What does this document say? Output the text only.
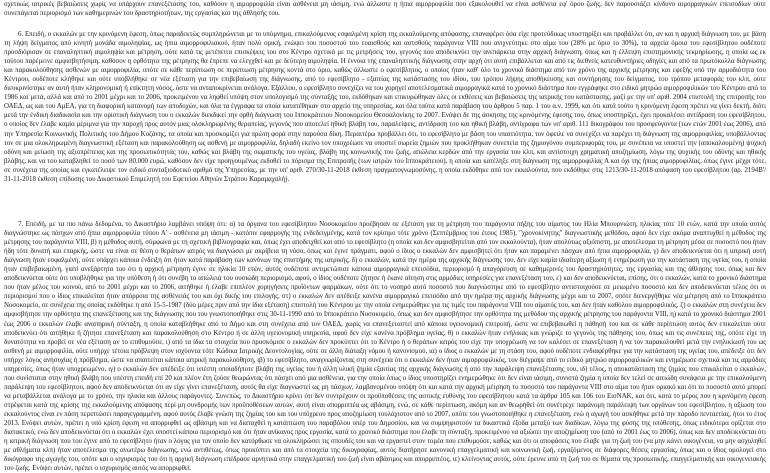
σχετικώς ιατρικές βεβαιώσεις χωρίς να υπάρχουν επανεξέτασης του, καθόσον η αιμορροφιλία είναι ασθένεια μη ιάσιμη, ενώ άλλωστε η ήπια αιμορροφιλία που εξακολουθεί να είναι ασθένεια εφ' όρου ζωής, δεν παρουσιάζει κίνδυνο αιμορραγικών επεισοδίων ούτε συνεπάγεται περιορισμό των καθημερινών του δραστηριοτήτων, της εργασίας και της άθλησής του.

6. Επειδή, ο εκκαλών με την κρινόμενη έφεση, όπως παραδεκτώς συμπληρώνεται με το υπόμνημα, επικαλούμενος εσφαλμένη κρίση της εκκαλούμενης απόφασης, επαναφέρει όσα είχε προτεύδικως υποστηρίξει και προβάλλει ότι, αν και η αρχική διάγνωση του, με βάση τη λήψη δείγματος από κινητή μονάδα αιμοληψίας, ως ήπια αιμορροφιλιακού, ήταν πολύ ορική, ενώψει του ποσοστού του ευαισθούς και αστσθούς παράγοντα VIII που ανιχνεύτηκε στο αίμα του (28% με όριο το 30%), τα αρχεία όμοια του εφεσίβλητου ουδέποτε προσδιόρισαν σε επαναληπτική αιμοληψία και μέτρηση, ούτε κατά τις μετέπειτα επισκέψεις του στο Κέντρο σχετικά με τις μετρήσεις του, γεγονός που αποδεικνύει την ανεπάρκεια στην αρχική διάγνωση, όπως και η έλλειψη επιστημονικής τεκμηρίωσης, η οποία ως εκ τούτου παρέμεινε αμφισβητήσιμη, καθόσον η ορθότητα της μέτρησης θα έπρεπε να ελεγχθεί και με δεύτερη αιμοληψία. Η έννοια της επαναληπτικής διάγνωσης στην αρχή ότι αυτή επιβάλλεται και από τις διεθνείς κατευθυντήριες οδηγίες και από τα πρωτόκολλα διάγνωσης και παρακολούθησης ασθενών με αιμορροφιλία, οπότε σε κάθε περίπτωση σε περίπτωση μέτρησης κοντά στο όριο, καθώς άλλωστε ο εφεσίβλητος, ο οποίος ήταν καθ' όλο το χρονικό διάστημα από τον χρόνο της αρχικής μέτρησης και εφεξής υπό την αρμοδιότητα του Κέντρου, ουδέποτε κλήθηκε και ούτε υποβλήθηκε σε νέα εξέταση για την επιβεβαίωση της διάγνωσης, από το εφεσίβλητο - εξαιτίας της κατάστασης του ιδίου, του τρόπου λήψης αποθήκευσης και συντήρησης του δείγματος, του τρόπου μεταφοράς του κλπ, ούτε διευκρινίστηκε αν αυτή ήταν κληρονομική ή επίκτητη νόσος, όστε να ανταποκρίνεται ανάλογα. Εξάλλου, ο εφεσίβλητο συνεχίζει να του χορηγεί αποτελεσματικά αιμορραγικά κατά το χρονικό διάστημα που εγγράφηκε στο ειδικό μητρώο αιμορροφιλικών του Κέντρου από το 1986 και μετά, αλλά και από το 2001 μέχρι και το 2006, προκειμένου να ληφθεί υπόψη στον υπολογισμό της σύνταξής του, εκδόθηκαν και επικυρώθηκαν όλες οι εκθέσεις και βεβαιώσεις της ιατρικής του κατάστασης, μαζί με την υπ' αριθ. 2004 επιστολή της επιτροπής του ΟΑΕΔ, ως και του ΑμΕΑ, για τη διαφορική κατανομή των αποδοχών, και όλα τα έγγραφα τα οποία κατατέθηκαν στο αρχείο της υπηρεσίας, και όλα ταύτα κατά παράβαση του άρθρου 5 παρ. 1 του α.ν. 1999, και ότι κατά τούτο η κρινόμενη έφεση πρέπει να γίνει δεκτή, διότι μετά την ένδικη διαδικασία και την οριστική διάγνωση του ο εκκαλών διεκδικεί την ορθή διάγνωση του Ιπποκράτειου Νοσοκομείου Θεσσαλονίκης το 2007. Ενόψει δε της άσκησης της κρινόμενης έφεσης του, όπως υποστηρίζει, έχει προκαλέσει αντίδραση του εφεσίβλητου, ο οποίος δεν έλαβε καμία μέριμνα για την παροχή προς αυτόν μιας ολοκληρωμένης θεραπείας, γεγονός που αποτελεί ηθική βλάβη του, παραλείψεις, αντίδραση του και ηθική βλάβη, αντίγραφα των υπ' αριθ. 111 δικογράφου του προσφεύγοντα (των ετών 2001 έως 2006), από την Υπηρεσία Κοινωνικής Πολιτικής του Δήμου Κοζάνης, τα οποία και προσκομίζει για πρώτη φορά στην παρούσα δίκη. Περαιτέρω προβάλλει ότι, το εφεσίβλητο με βάση του υπαιτιότητα, τον όφειλε να συνεχίζει να παρέχει τη διάγνωση της αιμορροφιλίας, υποβάλλοντας τον σε μια ολοκληρωμένη διαγνωστική εξέταση και παρακολούθηση ως ασθενή με αιμορροφιλία, δηλαδή εκείνο τον υποχρέωσε να υποστεί σωρεία ζημιών που προκλήθηκαν συνεπεία της ζημιογόνου συμπεριφοράς του, με συνέπεια να υποστεί την (αποκαλουμένη) ψυχική οδύνη και μείωση της αξιοπρέπειας και της προσωπικότητάς του, καθώς και βλάβη της σωματικής του υγείας, βλάβη της κοινωνικής του ζωής, απώλεια κερδών από την εργασία του κλπ, και αντίστοιχη χρηματική αποζημίωση, λόγω της ψυχικής του οδύνης και ηθικής βλάβης, και να του καταβληθεί το ποσό των 80.000 ευρώ, καθόσον δεν είχε προηγουμένως εκδοθεί το πόρισμα της Επιτροπής (των ιατρών του Ιπποκράτειου), η οποία και κατέληξε στη διάγνωση της αιμορροφιλίας Α και όχι της ήπιας αιμορροφιλίας, όπως έγινε μέχρι τότε, σε συνέχεια της οποίας και εγκατέλειψε τον ειδικό συνταξιοδοτικό αριθμό της Υπηρεσίας, με την υπ' αριθ. 270/30-11-2018 έκθεση πραγματογνωμοσύνης, η οποία εκδόθηκε από τον εκκαλούντα, που εκδόθηκε στις 1213/30-11-2018 απόφαση του εφεσίβλητου (αρ. 2194Β'/ 31-11-2018 έκθεση επίδοσης του Δικαστικού Επιμελητή του Εφετείου Αθηνών Στράτου Καραμαχαλή).

7. Επειδή, με τα πιο πάνω δεδομένα, το Δικαστήριο λαμβάνει υπόψη ότι: α) τα όργανα του εφεσίβλητου Νοσοκομείου προέβησαν σε εξέταση για τη μέτρηση του παράγοντα πήξης του αίματος του Ηλία Μπουρνιώτη, ηλικίας τότε 10 ετών, κατά την οποία αυτός διαγνώστηκε ως πάσχων από ήπια αιμορροφιλία τύπου Α' - ασθένεια μη ιάσιμη - κατόπιν εφαρμογής της ενδεδειγμένης, κατά τον κρίσιμο τότε χρόνο (Σεπτέμβριος του έτους 1985), "χρονοκίνητης" διαγνωστικής μεθόδου, αφού δεν είχε ακόμα αναπτυχθεί η μέθοδος της μέτρησης του παράγοντα VIII, β) η μέθοδος αυτή, σύμφωνα με τη σχετική βιβλιογραφία και, όπως έχει αποδειχθεί και από το εφεσίβλητο (η οποία και δεν αμφισβητείται από τον εκκαλούντα), ήταν απολύτως αξιόπιστη, με αποτέλεσμα τη μέτρηση μέσα σε ποσοστό που ήταν ήδη τότε δυνατή και επαρκής, ώστε να είναι σε θέση ο θεράπων ιατρός να διαγνώσει με ακρίβεια τη νόσο, όπως και έγινε πράγματι, αφού ο ίδιος ο εκκαλών δεν αμφισβητεί ότι ήταν και παραμένει πάσχων από ήπια αιμορροφιλία, γ) δεν αποδεικνύεται ότι η ιατρική αυτή διάγνωση ήταν εσφαλμένη, ούτε υπάρχει κάποια ένδειξη ότι ήταν κατά παράβαση των κανόνων της επιστήμης της ιατρικής, δ) ο εκκαλών, κατά την ημέρα της αρχικής διάγνωσης του, δεν είχε καμία ιδιαίτερη αξίωση ή ενημέρωση για την κατάσταση της υγείας του, η οποία ήταν επιβεβαιωμένη, γιατί ανεξάρτητα του ότι η αρχική μέτρηση έγινε σε ηλικία 10 ετών, αυτός ουδέποτε αντιμετώπισε κάποια αιμορραγικά επεισόδια, περιορισμό ή απαγόρευση σε καθημερινές του δραστηριότητες, της εργασίας και της άθλησης του, όπως και δεν αποδεικνύεται ούτε ότι υποβλήθηκε για την υπόθεση ή ότι συνέβη το απώλειά του ουσιώδη περιορισμό, αφού, ο ίδιος ουδέποτε ζήτησε ή έκανε αίτηση στις αρμόδιες υπηρεσίες για επανεξέταση του, ε) και δεν αποδεικνύεται, επίσης, ότι ο εκκαλών, κατά το χρονικό διάστημα που ήταν μέλος του κοινού, από το 2001 μέχρι και το 2006, αιτήθηκε ή έλαβε επιπλέον χορηγήσεις προϊόντων φαρμάκων, ούτε ότι το νοσηρό αυτό ποσοστό που διαγνώστηκε από το εφεσίβλητο αντιστοιχούσε σε μειωμένο ποσοστό και δεν αποδεικνύεται τέλος ότι οι περιορισμοί που ο ίδιος επικαλείται ήταν απόρροια της ασθένειάς του και όχι δικής του επιλογής, στ) ο εκκαλών δεν απέδειξε κανένα αιμορραγικό επεισόδιο από την ημέρα της αρχικής διάγνωσης μέχρι και το 2007, οπότε διενεργήθηκε νέα μέτρηση από το Ιπποκράτειο Νοσοκομείο, σε συνέχεια της οποίας εκδόθηκε η από 15-5-1987 (δύο μέρες πριν από την ίδια εξέταση) επιστολή του Κέντρου με την οποία ενημερώθηκε για τις τιμές του παράγοντα VIII του αίματός του, και δεν ήταν καθόλου αιμορροφιλικός, ζ) ο εκκαλών στη συνέχεια δεν αμφισβήτησε την ορθότητα της επανεξέτασης και της διάγνωσης που του γνωστοποιήθηκε στις 30-11-1990 από το Ιπποκράτειο Νοσοκομείο, όπως και δεν αμφισβήτησε την ορθότητα της μεθόδου της αρχικής μέτρησης του παράγοντα VIII, η) κατά το χρονικό διάστημα 2001 έως 2006 ο εκκαλών έλαβε αναπηρική σύνταξη, η οποία καταβλήθηκε από το Δήμο και στη συνέχεια από τον ΟΑΕΔ, χωρίς να επανεξεταστεί από κάποια υγειονομική επιτροπή, ώστε να επιβεβαιωθεί η πάθησή του και σε κάθε περίπτωση αυτός δεν επικαλείται ούτε αποδεικνύει ότι αιτήθηκε ή ζήτησε επανεξέταση και παρακολούθηση στο Κέντρο ή σε άλλη υγειονομική υπηρεσία, αφού δεν είχε κανένα πρόβλημα υγείας, θ) ο εκκαλών ήταν ενήλικας και γνώριζε το γεγονός της πάθησης του, όπως και τις συνέπειες της, οπότε είχε τη δυνατότητα να προβεί σε νέα εξέταση αν το επιθυμούσε, ι) από τα ίδια τα στοιχεία που προσκόμισε ο εκκαλών δεν προκύπτει ότι το Κέντρο ή ο θεράπων ιατρός του είχε την υποχρέωση να τον καλέσει σε επανεξέταση ή να τον παρακολουθεί μετά την ενηλικίωσή του ως ασθενή με αιμορροφιλία, ούτε υπήρχε τέτοια πρόβλεψη στον ισχύοντα τότε Κώδικα Ιατρικής Δεοντολογίας, ούτε σε άλλη διάταξη νόμου ή κανονισμού, ια) ο ίδιος ο εκκαλών με τη στάση του, αφού ουδέποτε ενδιαφέρθηκε για την κατάσταση της υγείας του, απέδειξε ότι δεν υπήρχε λόγος ανησυχίας ή πρόβλημα, ώστε να απαιτείται κάποια ιατρική παρακολούθηση, ιβ) το εφεσίβλητο, αναγνωρίζοντας στη συνέχεια ότι ο εκκαλών δεν ήταν αιμορροφιλικός, τον διέγραψε από το ειδικό μητρώο αιμορροφιλικών και ενημέρωσε σχετικά και τις αρμόδιες υπηρεσίες, όπως ήταν υποχρεωμένο, ιγ) ο εκκαλών δεν απέδειξε ότι υπέστη οποιαδήποτε βλάβη της υγείας του ή άλλη υλική ζημία εξαιτίας της αρχικής διάγνωσης ή από την παράλειψη επανεξέτασης του, ιδ) τέλος, η αποκατάσταση της ζημίας που επικαλείται ο εκκαλών, που συνίσταται στην ηθική βλάβη που υπέστη επειδή επί 20 και πλέον έτη ζούσε θεωρώντας ότι πάσχει από μια ασθένεια, για την οποία όπως ο ίδιος υποστηρίζει ενημερώθηκε ότι δεν είναι ιάσιμη, συνιστά ζημία η οποία δεν τελεί σε αιτιώδη συνάφεια με την επικαλούμενη παράλειψη του εφεσίβλητου, αφού δεν αποδεικνύεται ότι αν είχε γίνει επανεξέταση, αυτός θα είχε διαγνωστεί ως μη πάσχων, λαμβανομένου υπόψη ότι και κατά την αρχική μέτρηση το ποσοστό του παράγοντα VIII στο αίμα του ήταν οριακό και ότι το ποσοστό αυτό μπορεί να μεταβάλλεται ανάλογα με το χρόνο, την ηλικία και άλλους παράγοντες. Συνεπώς, το Δικαστήριο κρίνει ότι δεν συντρέχουν οι προϋποθέσεις της αστικής ευθύνης του εφεσίβλητου κατά τα άρθρα 105 και 106 του ΕισΝΑΚ, και ότι, κατά το μέρος που η κρινόμενη έφεση στρέφεται κατά της κρίσης της εκκαλούμενης απόφασης περί μη συνδρομής των προϋποθέσεων αυτών, αυτή είναι απορριπτέα ως αβάσιμη, ενώ, σε κάθε περίπτωση, ακόμη και αν θεωρηθεί ότι συνέτρεχε παράνομη παράλειψη των οργάνων του εφεσίβλητου, η αξίωση του εκκαλούντος είναι εν πάση περιπτώσει παραγεγραμμένη, αφού αυτός έλαβε γνώση της ζημίας του και του υπόχρεου προς αποζημίωση τουλάχιστον από το 2007, οπότε του γνωστοποιήθηκε η επανεξέταση, ενώ η αγωγή του ασκήθηκε μετά την πάροδο πενταετίας, ήτοι το έτος 2013. Ενόψει αυτών, πρέπει η υπό κρίση έφεση να απορριφθεί ως αβάσιμη και να διαταχθεί η κατάπτωση του παραβόλου υπέρ του Δημοσίου, και να συμψηφιστούν τα δικαστικά έξοδα μεταξύ των διαδίκων, λόγω της φύσης της υπόθεσης, όπως ειδικότερα ορίζεται στο διατακτικό, ενώ δεν αποδεικνύεται ότι ο εκκαλών έχει υποστεί κάποιο περιορισμό και ότι ήταν ανίκανος προς εργασία, κατά το χρονικό διάστημα που έλαβε τη σύνταξη, προκειμένου να αξιώσει την αποζημίωση του (από το 2001 έως το 2006), όπως και δεν αποδεικνύεται ότι η ιατρική διάγνωση που του έγινε από το εφεσίβλητο ήταν ο λόγος για τον οποίο δεν κατόρθωσε να ολοκληρώσει τις σπουδές του και να εργαστεί στον τομέα που επιθυμούσε, καθώς και ότι οι αποφάσεις που έλαβε για τη ζωή του (να μην κάνει οικογένεια, να μην ασχοληθεί με αθλήματα κλπ) ήταν αποτέλεσμα της ανωτέρω διάγνωσης, ενώ αντιθέτως, όπως προκύπτει και από τα στοιχεία της δικογραφίας, αυτός διατήρησε κανονική επαγγελματική και κοινωνική ζωή, εργαζόμενος σε διάφορες θέσεις εργασίας, όπως και ο ίδιος ομολογεί στο δικόγραφο της αγωγής του, οπότε και ο ισχυρισμός του ότι η αρχική διάγνωση επέδρασε αρνητικά στην επαγγελματική του ζωή είναι αβάσιμος και απορριπτέος, ιε) κλείνοντας αυτός, ούτε έρευνε από τη ζωή του σε θέματα της προσωπικής, επαγγελματικής και οικογενειακής του ζωής. Ενόψει αυτών, πρέπει ο ισχυρισμός αυτός να απορριφθεί.
